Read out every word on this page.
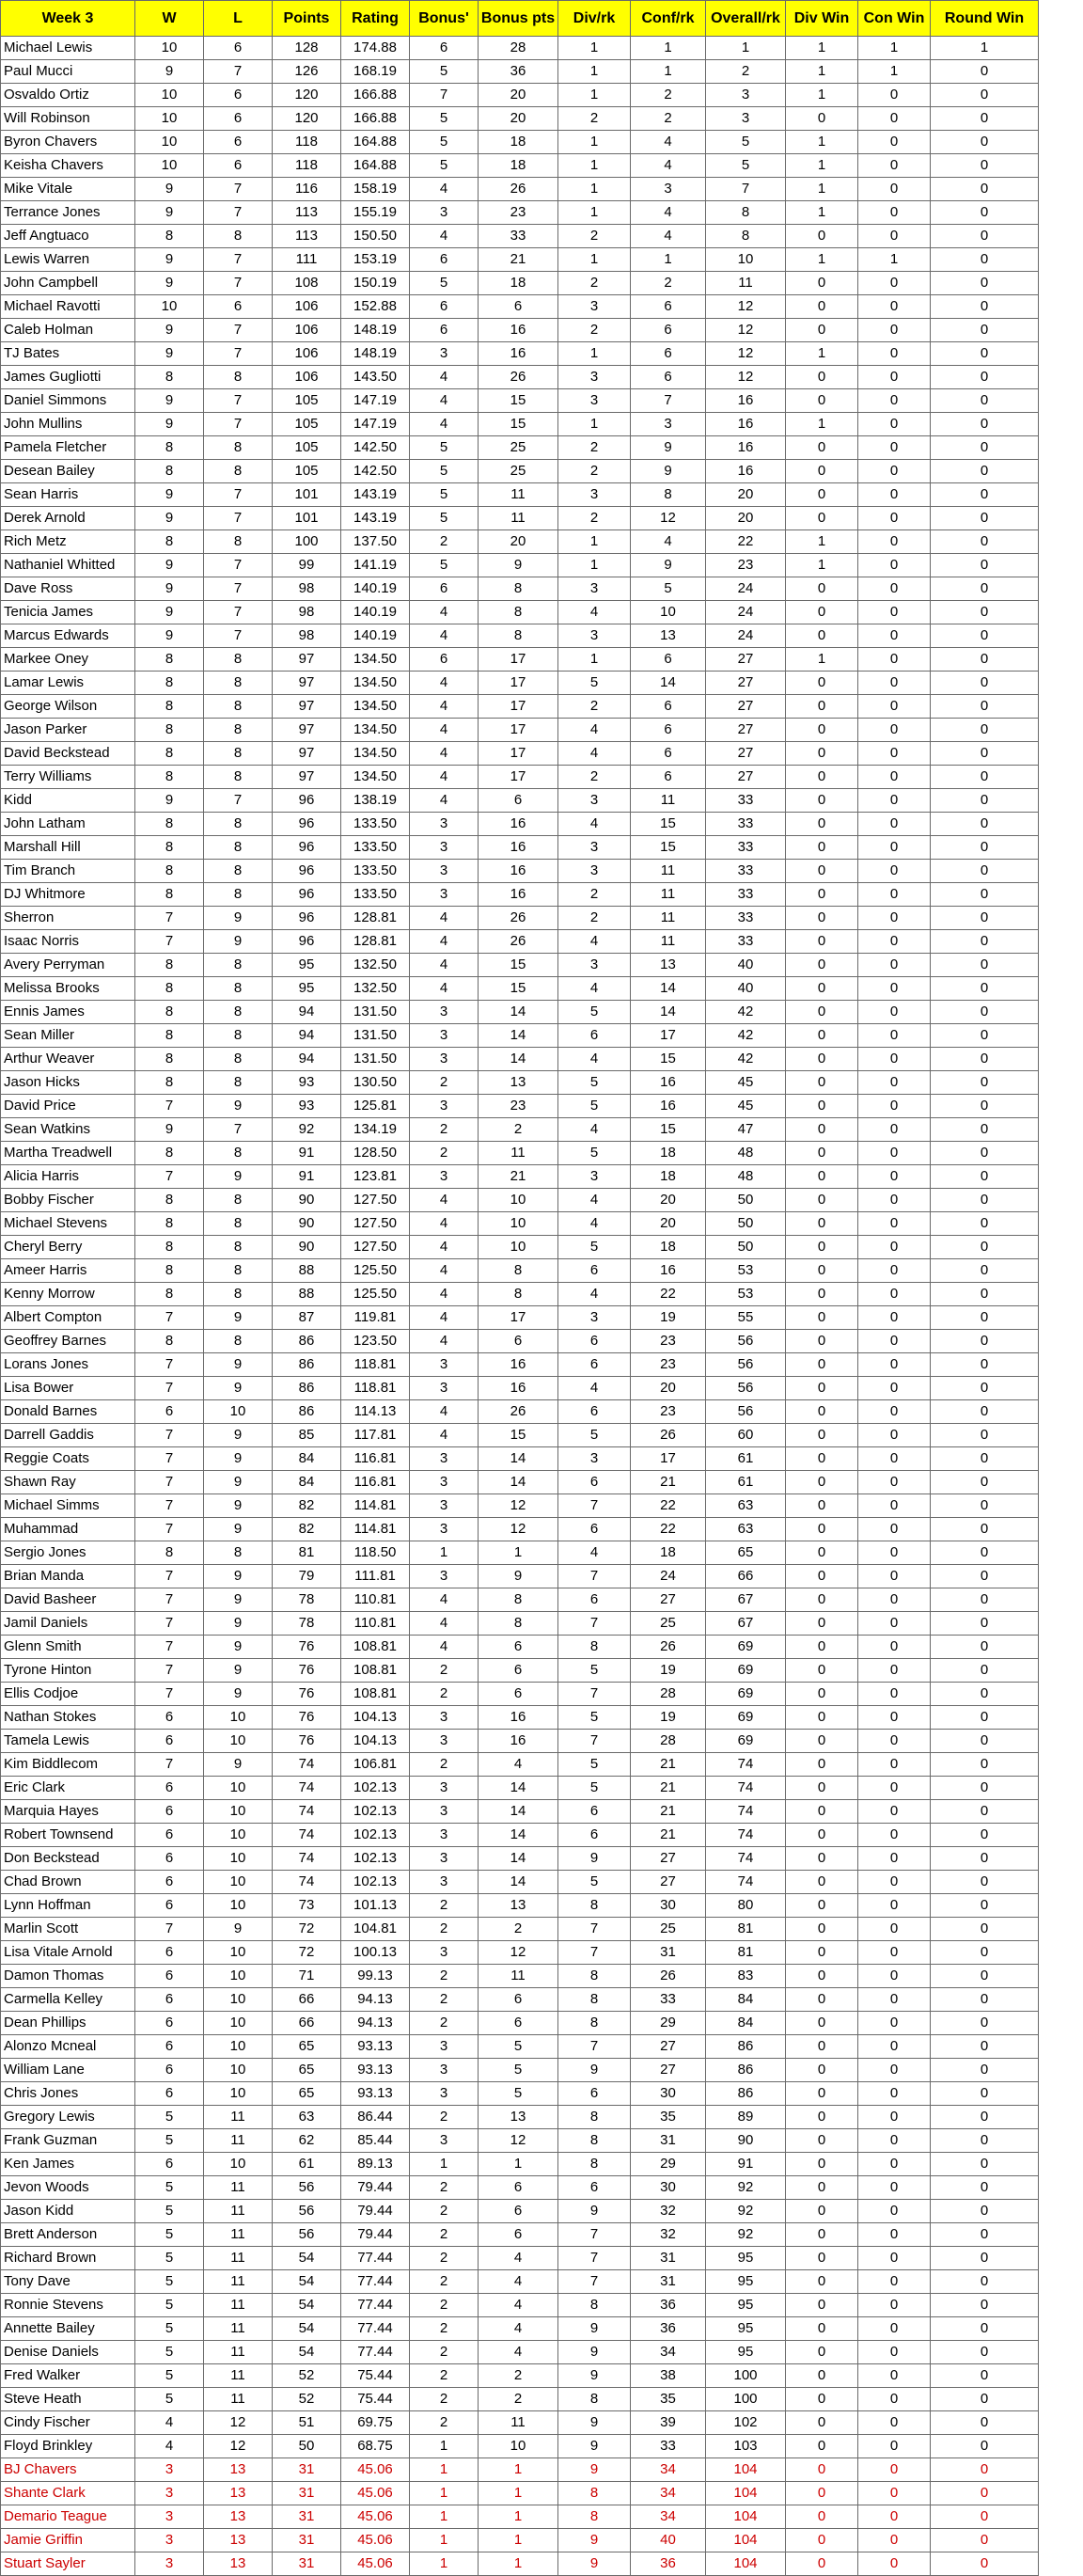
Week 3	W	L	Points	Rating	Bonus'	Bonus pts	Div/rk	Conf/rk	Overall/rk	Div Win	Con Win	Round Win
Michael Lewis	10	6	128	174.88	6	28	1	1	1	1	1	1
Paul Mucci	9	7	126	168.19	5	36	1	1	2	1	1	0
Osvaldo Ortiz	10	6	120	166.88	7	20	1	2	3	1	0	0
Will Robinson	10	6	120	166.88	5	20	2	2	3	0	0	0
Byron Chavers	10	6	118	164.88	5	18	1	4	5	1	0	0
Keisha Chavers	10	6	118	164.88	5	18	1	4	5	1	0	0
Mike Vitale	9	7	116	158.19	4	26	1	3	7	1	0	0
Terrance Jones	9	7	113	155.19	3	23	1	4	8	1	0	0
Jeff Angtuaco	8	8	113	150.50	4	33	2	4	8	0	0	0
Lewis Warren	9	7	111	153.19	6	21	1	1	10	1	1	0
John Campbell	9	7	108	150.19	5	18	2	2	11	0	0	0
Michael Ravotti	10	6	106	152.88	6	6	3	6	12	0	0	0
Caleb Holman	9	7	106	148.19	6	16	2	6	12	0	0	0
TJ Bates	9	7	106	148.19	3	16	1	6	12	1	0	0
James Gugliotti	8	8	106	143.50	4	26	3	6	12	0	0	0
Daniel Simmons	9	7	105	147.19	4	15	3	7	16	0	0	0
John Mullins	9	7	105	147.19	4	15	1	3	16	1	0	0
Pamela Fletcher	8	8	105	142.50	5	25	2	9	16	0	0	0
Desean Bailey	8	8	105	142.50	5	25	2	9	16	0	0	0
Sean Harris	9	7	101	143.19	5	11	3	8	20	0	0	0
Derek Arnold	9	7	101	143.19	5	11	2	12	20	0	0	0
Rich Metz	8	8	100	137.50	2	20	1	4	22	1	0	0
Nathaniel Whitted	9	7	99	141.19	5	9	1	9	23	1	0	0
Dave Ross	9	7	98	140.19	6	8	3	5	24	0	0	0
Tenicia James	9	7	98	140.19	4	8	4	10	24	0	0	0
Marcus Edwards	9	7	98	140.19	4	8	3	13	24	0	0	0
Markee Oney	8	8	97	134.50	6	17	1	6	27	1	0	0
Lamar Lewis	8	8	97	134.50	4	17	5	14	27	0	0	0
George Wilson	8	8	97	134.50	4	17	2	6	27	0	0	0
Jason Parker	8	8	97	134.50	4	17	4	6	27	0	0	0
David Beckstead	8	8	97	134.50	4	17	4	6	27	0	0	0
Terry Williams	8	8	97	134.50	4	17	2	6	27	0	0	0
Kidd	9	7	96	138.19	4	6	3	11	33	0	0	0
John Latham	8	8	96	133.50	3	16	4	15	33	0	0	0
Marshall Hill	8	8	96	133.50	3	16	3	15	33	0	0	0
Tim Branch	8	8	96	133.50	3	16	3	11	33	0	0	0
DJ Whitmore	8	8	96	133.50	3	16	2	11	33	0	0	0
Sherron	7	9	96	128.81	4	26	2	11	33	0	0	0
Isaac Norris	7	9	96	128.81	4	26	4	11	33	0	0	0
Avery Perryman	8	8	95	132.50	4	15	3	13	40	0	0	0
Melissa Brooks	8	8	95	132.50	4	15	4	14	40	0	0	0
Ennis James	8	8	94	131.50	3	14	5	14	42	0	0	0
Sean Miller	8	8	94	131.50	3	14	6	17	42	0	0	0
Arthur Weaver	8	8	94	131.50	3	14	4	15	42	0	0	0
Jason Hicks	8	8	93	130.50	2	13	5	16	45	0	0	0
David Price	7	9	93	125.81	3	23	5	16	45	0	0	0
Sean Watkins	9	7	92	134.19	2	2	4	15	47	0	0	0
Martha Treadwell	8	8	91	128.50	2	11	5	18	48	0	0	0
Alicia Harris	7	9	91	123.81	3	21	3	18	48	0	0	0
Bobby Fischer	8	8	90	127.50	4	10	4	20	50	0	0	0
Michael Stevens	8	8	90	127.50	4	10	4	20	50	0	0	0
Cheryl Berry	8	8	90	127.50	4	10	5	18	50	0	0	0
Ameer Harris	8	8	88	125.50	4	8	6	16	53	0	0	0
Kenny Morrow	8	8	88	125.50	4	8	4	22	53	0	0	0
Albert Compton	7	9	87	119.81	4	17	3	19	55	0	0	0
Geoffrey Barnes	8	8	86	123.50	4	6	6	23	56	0	0	0
Lorans Jones	7	9	86	118.81	3	16	6	23	56	0	0	0
Lisa Bower	7	9	86	118.81	3	16	4	20	56	0	0	0
Donald Barnes	6	10	86	114.13	4	26	6	23	56	0	0	0
Darrell Gaddis	7	9	85	117.81	4	15	5	26	60	0	0	0
Reggie Coats	7	9	84	116.81	3	14	3	17	61	0	0	0
Shawn Ray	7	9	84	116.81	3	14	6	21	61	0	0	0
Michael Simms	7	9	82	114.81	3	12	7	22	63	0	0	0
Muhammad	7	9	82	114.81	3	12	6	22	63	0	0	0
Sergio Jones	8	8	81	118.50	1	1	4	18	65	0	0	0
Brian Manda	7	9	79	111.81	3	9	7	24	66	0	0	0
David Basheer	7	9	78	110.81	4	8	6	27	67	0	0	0
Jamil Daniels	7	9	78	110.81	4	8	7	25	67	0	0	0
Glenn Smith	7	9	76	108.81	4	6	8	26	69	0	0	0
Tyrone Hinton	7	9	76	108.81	2	6	5	19	69	0	0	0
Ellis Codjoe	7	9	76	108.81	2	6	7	28	69	0	0	0
Nathan Stokes	6	10	76	104.13	3	16	5	19	69	0	0	0
Tamela Lewis	6	10	76	104.13	3	16	7	28	69	0	0	0
Kim Biddlecom	7	9	74	106.81	2	4	5	21	74	0	0	0
Eric Clark	6	10	74	102.13	3	14	5	21	74	0	0	0
Marquia Hayes	6	10	74	102.13	3	14	6	21	74	0	0	0
Robert Townsend	6	10	74	102.13	3	14	6	21	74	0	0	0
Don Beckstead	6	10	74	102.13	3	14	9	27	74	0	0	0
Chad Brown	6	10	74	102.13	3	14	5	27	74	0	0	0
Lynn Hoffman	6	10	73	101.13	2	13	8	30	80	0	0	0
Marlin Scott	7	9	72	104.81	2	2	7	25	81	0	0	0
Lisa Vitale Arnold	6	10	72	100.13	3	12	7	31	81	0	0	0
Damon Thomas	6	10	71	99.13	2	11	8	26	83	0	0	0
Carmella Kelley	6	10	66	94.13	2	6	8	33	84	0	0	0
Dean Phillips	6	10	66	94.13	2	6	8	29	84	0	0	0
Alonzo Mcneal	6	10	65	93.13	3	5	7	27	86	0	0	0
William Lane	6	10	65	93.13	3	5	9	27	86	0	0	0
Chris Jones	6	10	65	93.13	3	5	6	30	86	0	0	0
Gregory Lewis	5	11	63	86.44	2	13	8	35	89	0	0	0
Frank Guzman	5	11	62	85.44	3	12	8	31	90	0	0	0
Ken James	6	10	61	89.13	1	1	8	29	91	0	0	0
Jevon Woods	5	11	56	79.44	2	6	6	30	92	0	0	0
Jason Kidd	5	11	56	79.44	2	6	9	32	92	0	0	0
Brett Anderson	5	11	56	79.44	2	6	7	32	92	0	0	0
Richard Brown	5	11	54	77.44	2	4	7	31	95	0	0	0
Tony Dave	5	11	54	77.44	2	4	7	31	95	0	0	0
Ronnie Stevens	5	11	54	77.44	2	4	8	36	95	0	0	0
Annette Bailey	5	11	54	77.44	2	4	9	36	95	0	0	0
Denise Daniels	5	11	54	77.44	2	4	9	34	95	0	0	0
Fred Walker	5	11	52	75.44	2	2	9	38	100	0	0	0
Steve Heath	5	11	52	75.44	2	2	8	35	100	0	0	0
Cindy Fischer	4	12	51	69.75	2	11	9	39	102	0	0	0
Floyd Brinkley	4	12	50	68.75	1	10	9	33	103	0	0	0
BJ Chavers	3	13	31	45.06	1	1	9	34	104	0	0	0
Shante Clark	3	13	31	45.06	1	1	8	34	104	0	0	0
Demario Teague	3	13	31	45.06	1	1	8	34	104	0	0	0
Jamie Griffin	3	13	31	45.06	1	1	9	40	104	0	0	0
Stuart Sayler	3	13	31	45.06	1	1	9	36	104	0	0	0
